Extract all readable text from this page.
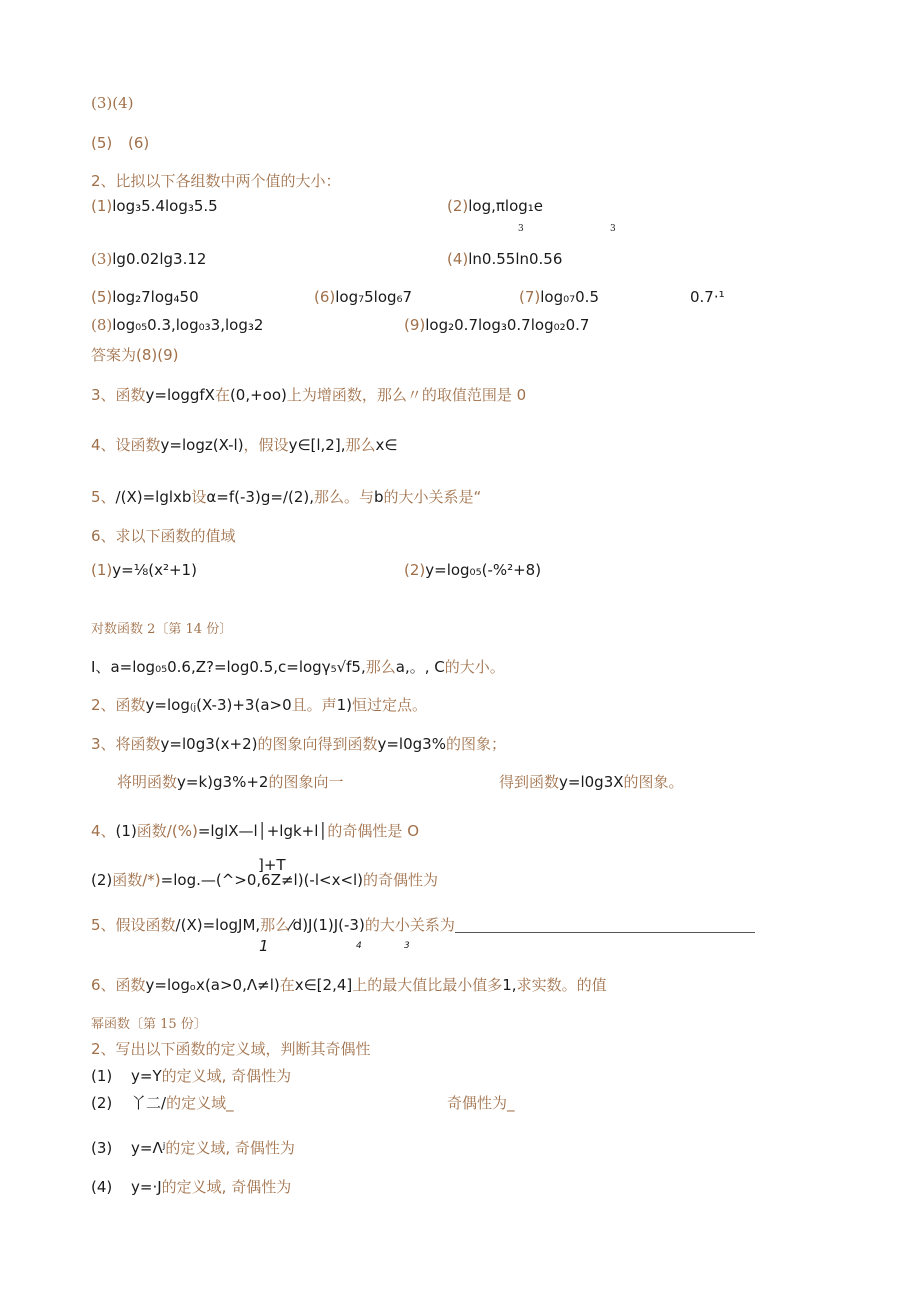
(3)(4)
(5) (6)
2、比拟以下各组数中两个值的大小：
(1)log₃5.4log₃5.5	(2)log,πlog₁e
3	3
(3)lg0.02lg3.12	(4)ln0.55ln0.56
(5)log₂7log₄50	(6)log₇5log₆7	(7)log₀₇0.5	0.7·¹
(8)log₀₅0.3,log₀₃3,log₃2	(9)log₂0.7log₃0.7log₀₂0.7
答案为(8)(9)
3、函数y=loggfX在(0,+oo)上为增函数，那么〃的取值范围是 0
4、设函数y=logz(X-l)，假设y∈[l,2],那么x∈
5、/(X)=lglxb设α=f(-3)g=∕(2),那么。与b的大小关系是“
6、求以下函数的值域
(1)y=⅛(x²+1)	(2)y=log₀₅(-%²+8)
对数函数 2〔第 14 份〕
I、a=log₀₅0.6,Z?=log0.5,c=logγ₅√f5,那么a,。, C的大小。
2、函数y=log₍ⱼ(X-3)+3(a>0且。声1)恒过定点。
3、将函数y=l0g3(x+2)的图象向得到函数y=l0g3%的图象；
将明函数y=k)g3%+2的图象向一	得到函数y=l0g3X的图象。
4、(1)函数/(%)=lglX—l│+lgk+l│的奇偶性是 O
]+T
(2)函数/*)=log.—(^>0,6Z≠l)(-l<x<l)的奇偶性为
5、假设函数/(X)=logJM,那么⁄d)J(1)J(-3)的大小关系为
1	4	3
6、函数y=logₒx(a>0,Λ≠l)在x∈[2,4]上的最大值比最小值多1,求实数。的值
幂函数〔第 15 份〕
2、写出以下函数的定义域，判断其奇偶性
(1) y=Y的定义域, 奇偶性为
(2) 丫二/的定义域_	奇偶性为_
(3) y=Λʲ的定义域, 奇偶性为
(4) y=·J的定义域, 奇偶性为
